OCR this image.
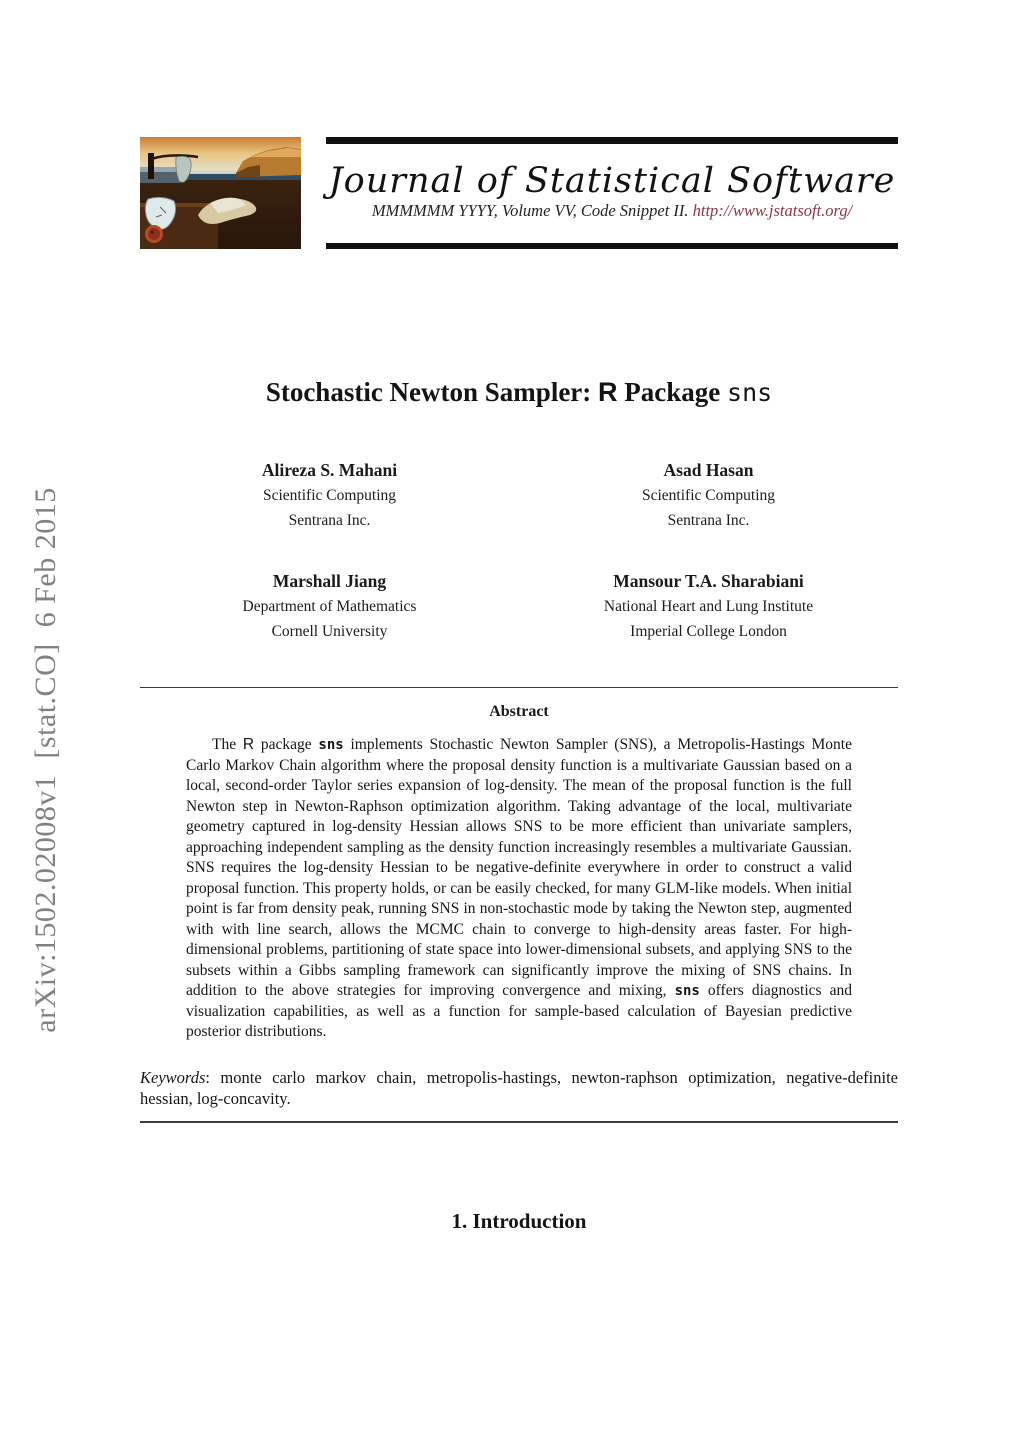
arXiv:1502.02008v1  [stat.CO]  6 Feb 2015
Journal of Statistical Software
MMMMMM YYYY, Volume VV, Code Snippet II. http://www.jstatsoft.org/
Stochastic Newton Sampler: R Package sns
Alireza S. Mahani
Scientific Computing
Sentrana Inc.
Asad Hasan
Scientific Computing
Sentrana Inc.
Marshall Jiang
Department of Mathematics
Cornell University
Mansour T.A. Sharabiani
National Heart and Lung Institute
Imperial College London
Abstract

The R package sns implements Stochastic Newton Sampler (SNS), a Metropolis-Hastings Monte Carlo Markov Chain algorithm where the proposal density function is a multivariate Gaussian based on a local, second-order Taylor series expansion of log-density. The mean of the proposal function is the full Newton step in Newton-Raphson optimization algorithm. Taking advantage of the local, multivariate geometry captured in log-density Hessian allows SNS to be more efficient than univariate samplers, approaching independent sampling as the density function increasingly resembles a multivariate Gaussian. SNS requires the log-density Hessian to be negative-definite everywhere in order to construct a valid proposal function. This property holds, or can be easily checked, for many GLM-like models. When initial point is far from density peak, running SNS in non-stochastic mode by taking the Newton step, augmented with with line search, allows the MCMC chain to converge to high-density areas faster. For high-dimensional problems, partitioning of state space into lower-dimensional subsets, and applying SNS to the subsets within a Gibbs sampling framework can significantly improve the mixing of SNS chains. In addition to the above strategies for improving convergence and mixing, sns offers diagnostics and visualization capabilities, as well as a function for sample-based calculation of Bayesian predictive posterior distributions.

Keywords: monte carlo markov chain, metropolis-hastings, newton-raphson optimization, negative-definite hessian, log-concavity.

1. Introduction
